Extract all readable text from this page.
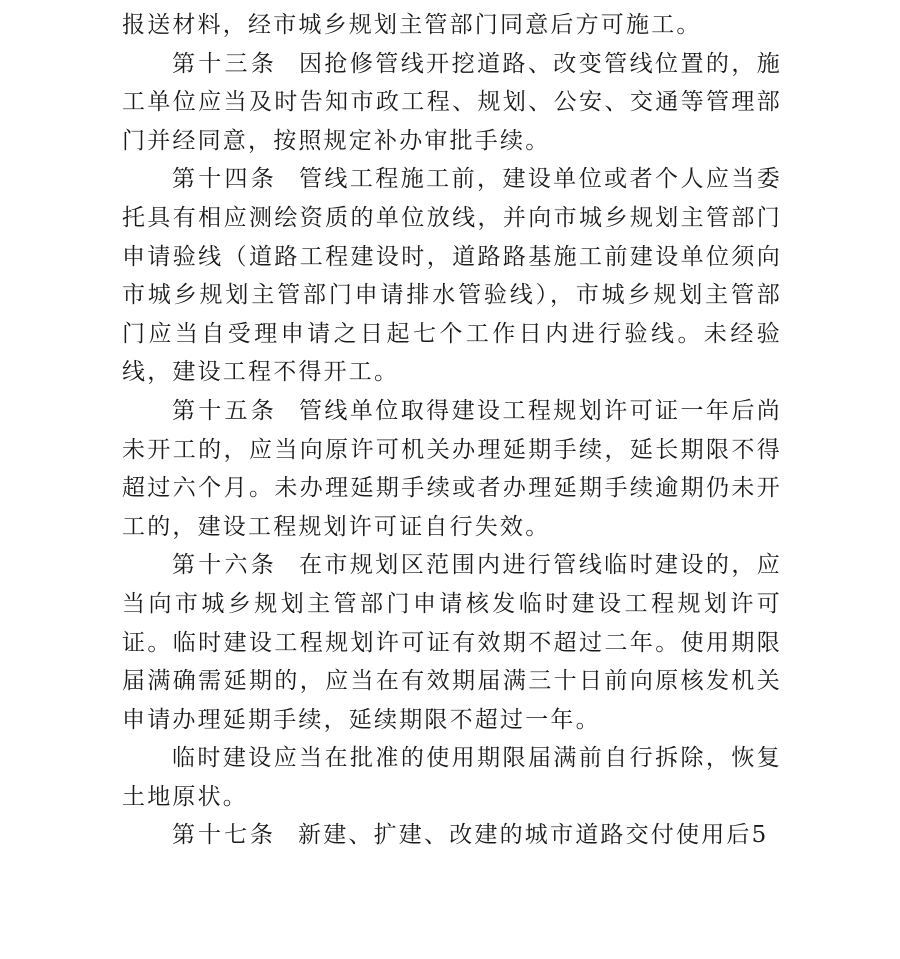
报送材料，经市城乡规划主管部门同意后方可施工。

第十三条 因抢修管线开挖道路、改变管线位置的，施工单位应当及时告知市政工程、规划、公安、交通等管理部门并经同意，按照规定补办审批手续。

第十四条 管线工程施工前，建设单位或者个人应当委托具有相应测绘资质的单位放线，并向市城乡规划主管部门申请验线（道路工程建设时，道路路基施工前建设单位须向市城乡规划主管部门申请排水管验线），市城乡规划主管部门应当自受理申请之日起七个工作日内进行验线。未经验线，建设工程不得开工。

第十五条 管线单位取得建设工程规划许可证一年后尚未开工的，应当向原许可机关办理延期手续，延长期限不得超过六个月。未办理延期手续或者办理延期手续逾期仍未开工的，建设工程规划许可证自行失效。

第十六条 在市规划区范围内进行管线临时建设的，应当向市城乡规划主管部门申请核发临时建设工程规划许可证。临时建设工程规划许可证有效期不超过二年。使用期限届满确需延期的，应当在有效期届满三十日前向原核发机关申请办理延期手续，延续期限不超过一年。

临时建设应当在批准的使用期限届满前自行拆除，恢复土地原状。

第十七条 新建、扩建、改建的城市道路交付使用后5
